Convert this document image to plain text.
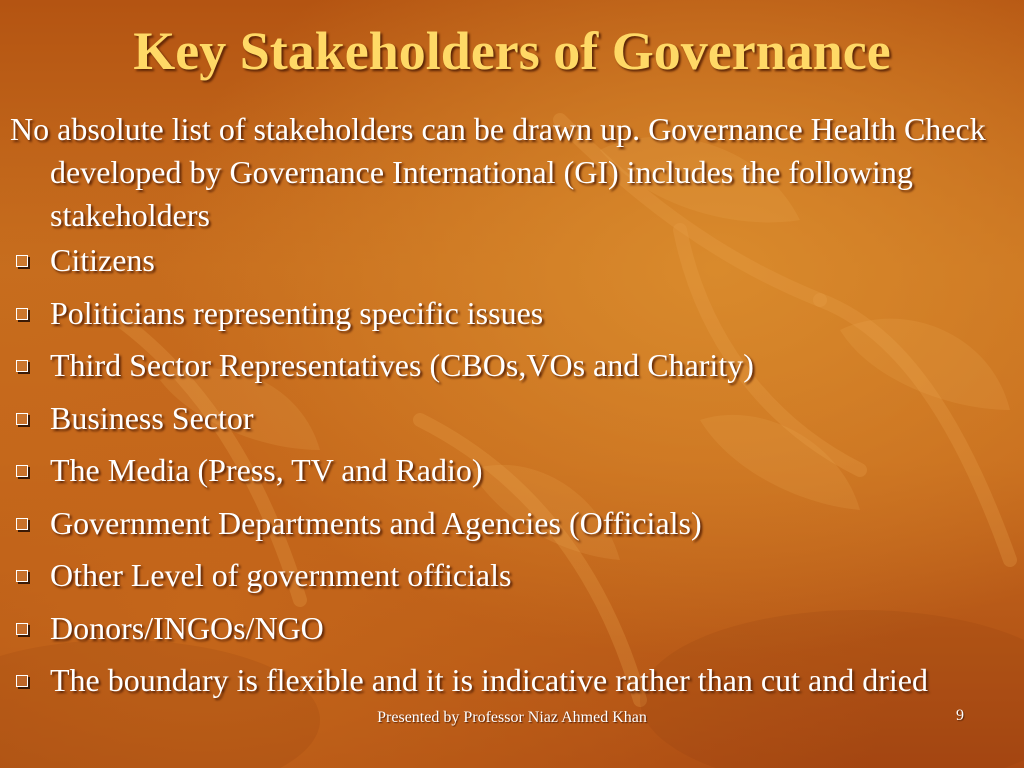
Key Stakeholders of Governance

No absolute list of stakeholders can be drawn up. Governance Health Check developed by Governance International (GI) includes the following stakeholders

Citizens
Politicians representing specific issues
Third Sector Representatives (CBOs,VOs and Charity)
Business Sector
The Media (Press, TV and Radio)
Government Departments and Agencies (Officials)
Other Level of government officials
Donors/INGOs/NGO
The boundary is flexible and it is indicative rather than cut and dried
Presented by Professor Niaz Ahmed Khan	9
